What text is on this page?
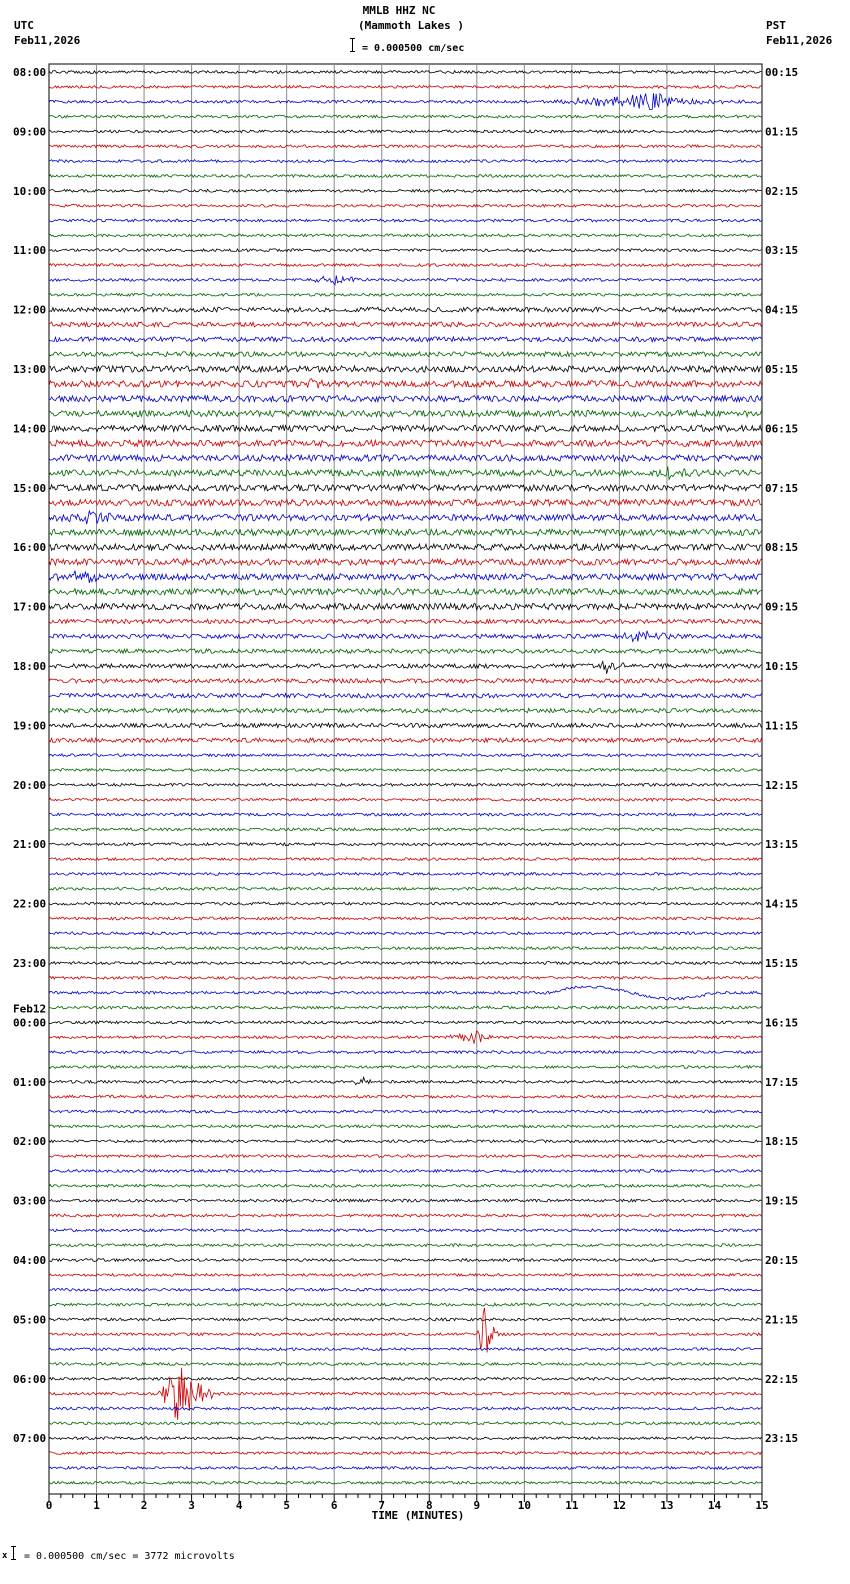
08:00	00:15
09:00	01:15
10:00	02:15
11:00	03:15
12:00	04:15
13:00	05:15
14:00	06:15
15:00	07:15
16:00	08:15
17:00	09:15
18:00	10:15
19:00	11:15
20:00	12:15
21:00	13:15
22:00	14:15
23:00	15:15
00:00	16:15
01:00	17:15
02:00	18:15
03:00	19:15
04:00	20:15
05:00	21:15
06:00	22:15
07:00	23:15
Feb12
0	1	2	3	4	5	6	7	8	9	10	11	12	13	14	15
MMLB HHZ NC
(Mammoth Lakes )
= 0.000500 cm/sec
UTC
Feb11,2026
PST
Feb11,2026
TIME (MINUTES)
x = 0.000500 cm/sec = 3772 microvolts
